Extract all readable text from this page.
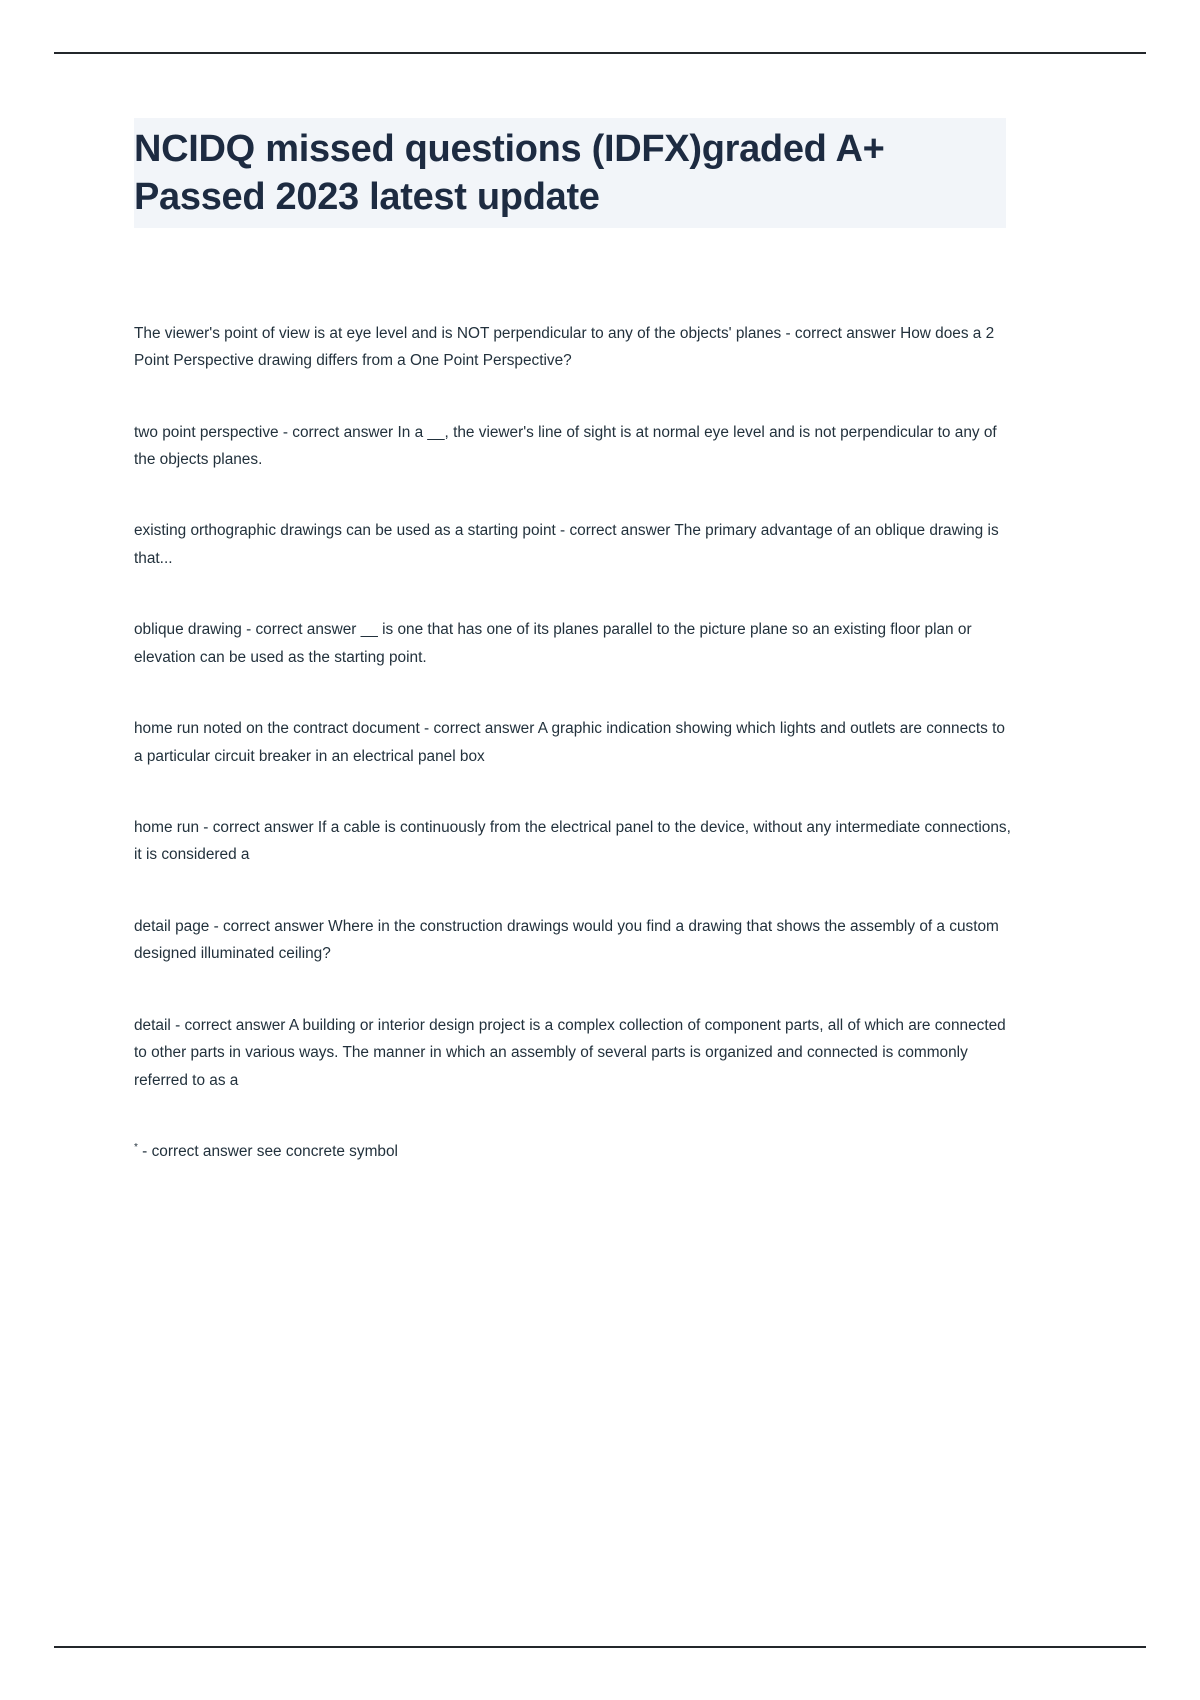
NCIDQ missed questions (IDFX)graded A+ Passed 2023 latest update

The viewer's point of view is at eye level and is NOT perpendicular to any of the objects' planes - correct answer How does a 2 Point Perspective drawing differs from a One Point Perspective?

two point perspective - correct answer In a __, the viewer's line of sight is at normal eye level and is not perpendicular to any of the objects planes.

existing orthographic drawings can be used as a starting point - correct answer The primary advantage of an oblique drawing is that...

oblique drawing - correct answer __ is one that has one of its planes parallel to the picture plane so an existing floor plan or elevation can be used as the starting point.

home run noted on the contract document - correct answer A graphic indication showing which lights and outlets are connects to a particular circuit breaker in an electrical panel box

home run - correct answer If a cable is continuously from the electrical panel to the device, without any intermediate connections, it is considered a

detail page - correct answer Where in the construction drawings would you find a drawing that shows the assembly of a custom designed illuminated ceiling?

detail - correct answer A building or interior design project is a complex collection of component parts, all of which are connected to other parts in various ways. The manner in which an assembly of several parts is organized and connected is commonly referred to as a

* - correct answer see concrete symbol
